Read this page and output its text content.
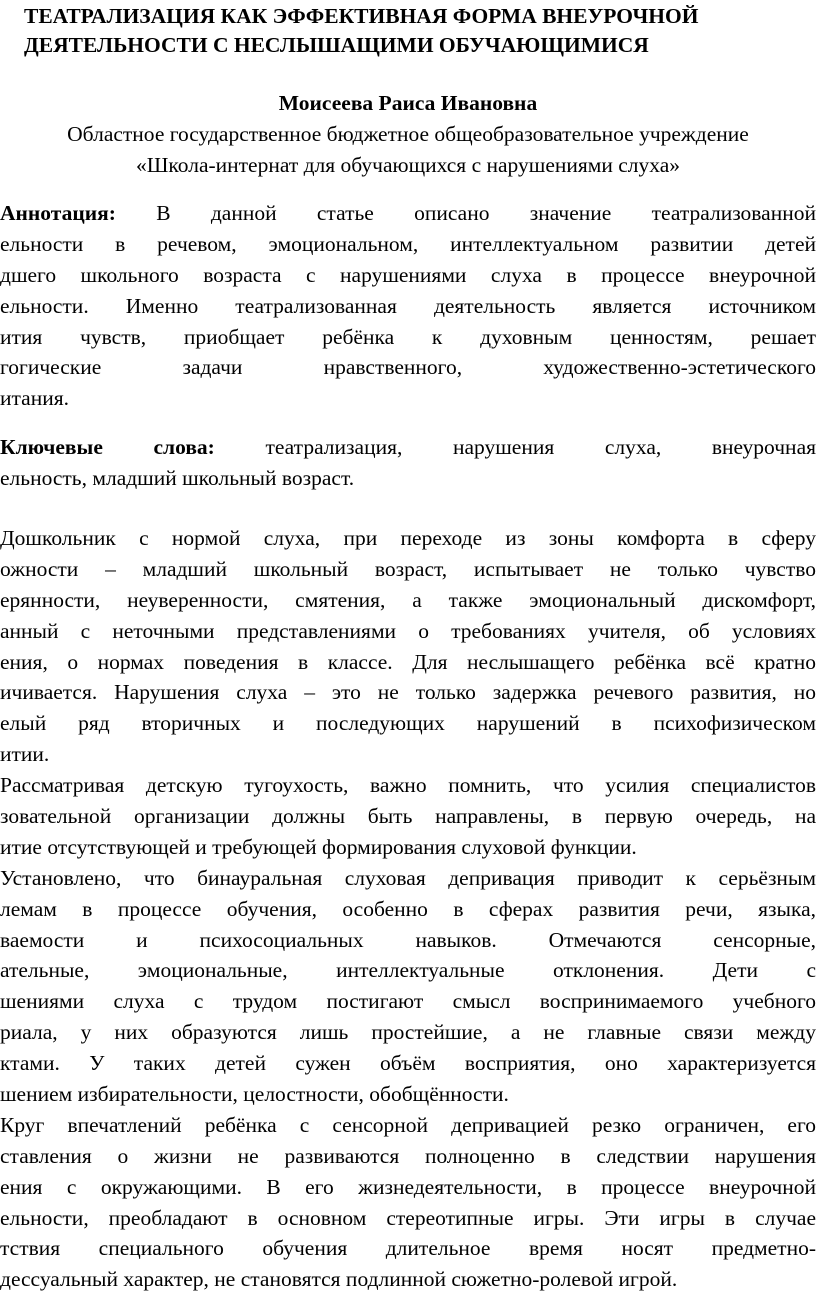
ТЕАТРАЛИЗАЦИЯ КАК ЭФФЕКТИВНАЯ ФОРМА ВНЕУРОЧНОЙ
ДЕЯТЕЛЬНОСТИ С НЕСЛЫШАЩИМИ ОБУЧАЮЩИМИСЯ
Моисеева Раиса Ивановна
Областное государственное бюджетное общеобразовательное учреждение
«Школа-интернат для обучающихся с нарушениями слуха»
Аннотация: В данной статье описано значение театрализованной
ельности в речевом, эмоциональном, интеллектуальном развитии детей
дшего школьного возраста с нарушениями слуха в процессе внеурочной
ельности. Именно театрализованная деятельность является источником
ития чувств, приобщает ребёнка к духовным ценностям, решает
гогические задачи нравственного, художественно-эстетического
итания.
Ключевые слова: театрализация, нарушения слуха, внеурочная
ельность, младший школьный возраст.
Дошкольник с нормой слуха, при переходе из зоны комфорта в сферу
ожности – младший школьный возраст, испытывает не только чувство
ерянности, неуверенности, смятения, а также эмоциональный дискомфорт,
анный с неточными представлениями о требованиях учителя, об условиях
ения, о нормах поведения в классе. Для неслышащего ребёнка всё кратно
ичивается. Нарушения слуха – это не только задержка речевого развития, но
елый ряд вторичных и последующих нарушений в психофизическом
итии.
Рассматривая детскую тугоухость, важно помнить, что усилия специалистов
зовательной организации должны быть направлены, в первую очередь, на
итие отсутствующей и требующей формирования слуховой функции.
Установлено, что бинауральная слуховая депривация приводит к серьёзным
лемам в процессе обучения, особенно в сферах развития речи, языка,
ваемости и психосоциальных навыков. Отмечаются сенсорные,
ательные, эмоциональные, интеллектуальные отклонения. Дети с
шениями слуха с трудом постигают смысл воспринимаемого учебного
риала, у них образуются лишь простейшие, а не главные связи между
ктами. У таких детей сужен объём восприятия, оно характеризуется
шением избирательности, целостности, обобщённости.
Круг впечатлений ребёнка с сенсорной депривацией резко ограничен, его
ставления о жизни не развиваются полноценно в следствии нарушения
ения с окружающими. В его жизнедеятельности, в процессе внеурочной
ельности, преобладают в основном стереотипные игры. Эти игры в случае
тствия специального обучения длительное время носят предметно-
дессуальный характер, не становятся подлинной сюжетно-ролевой игрой.
